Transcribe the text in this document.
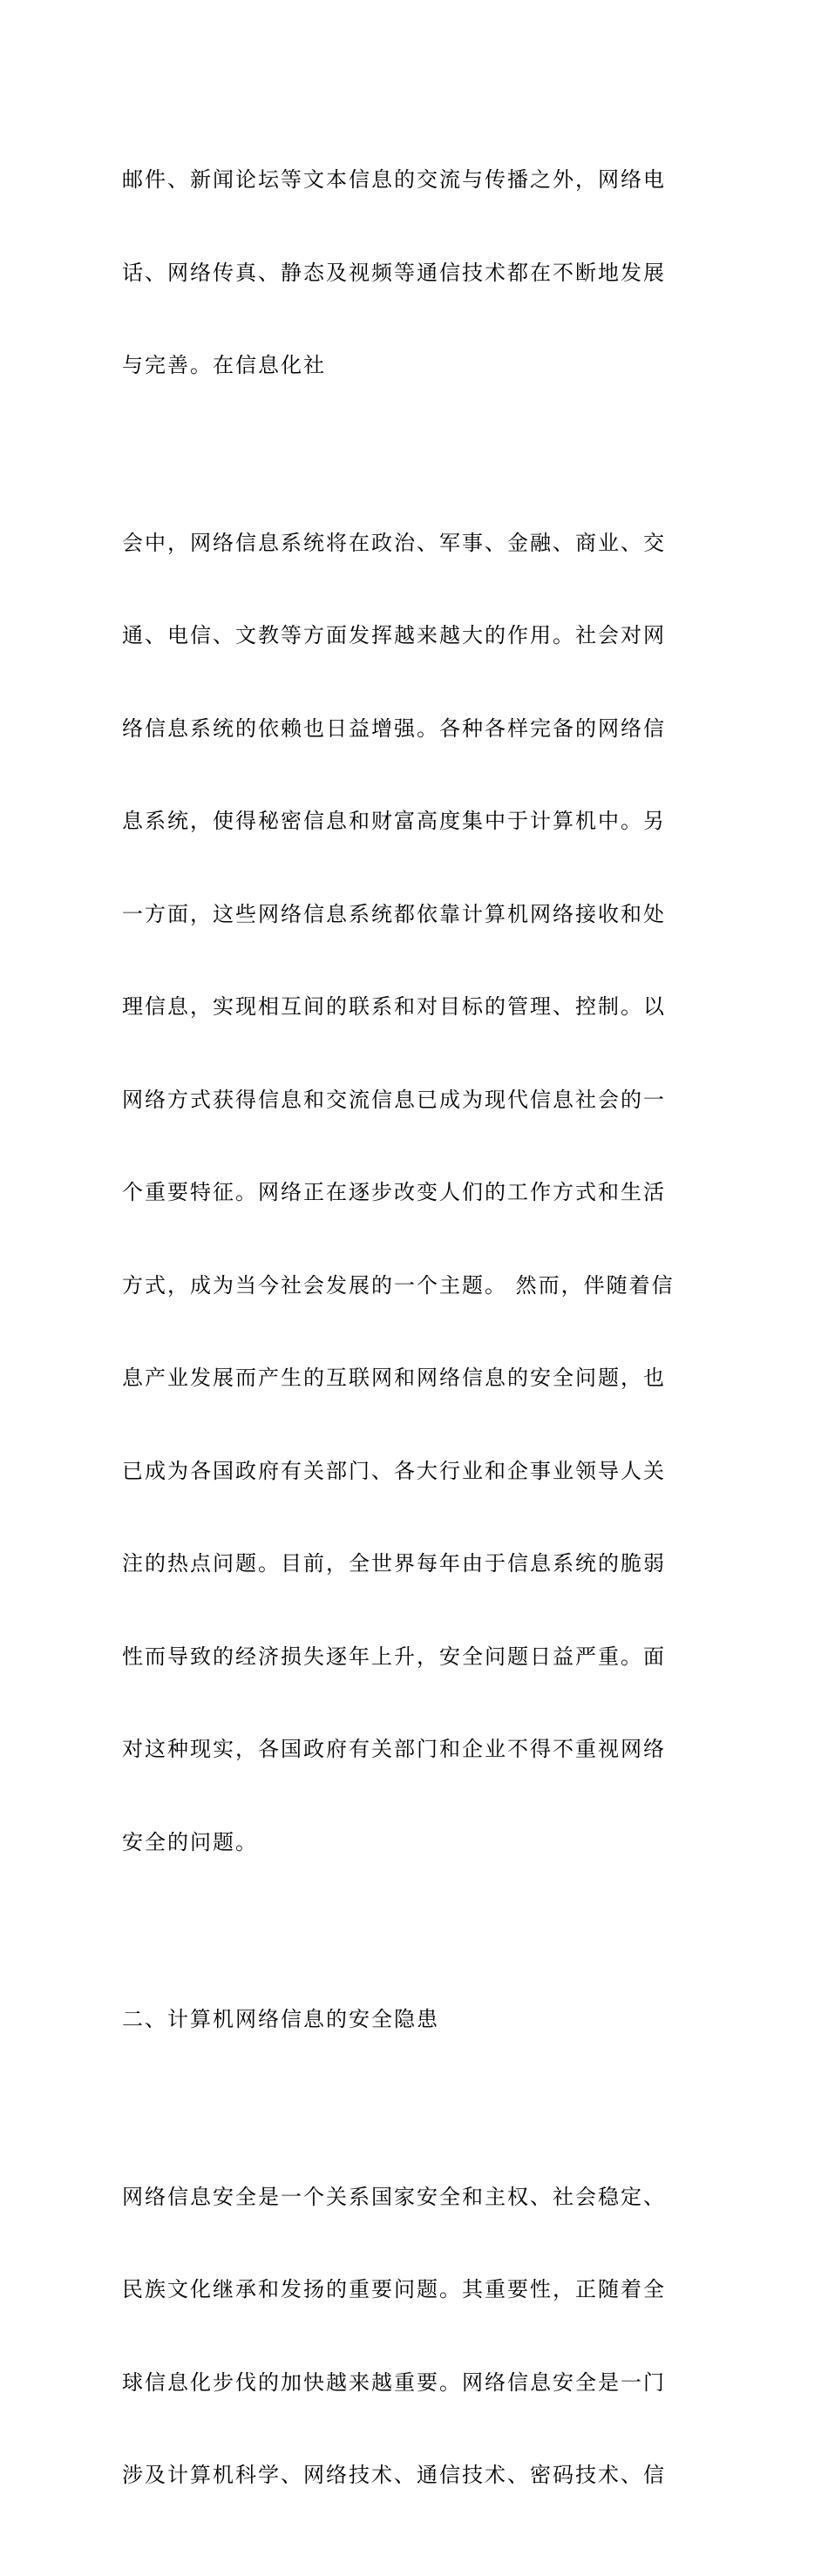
邮件、新闻论坛等文本信息的交流与传播之外，网络电

话、网络传真、静态及视频等通信技术都在不断地发展

与完善。在信息化社

会中，网络信息系统将在政治、军事、金融、商业、交

通、电信、文教等方面发挥越来越大的作用。社会对网

络信息系统的依赖也日益增强。各种各样完备的网络信

息系统，使得秘密信息和财富高度集中于计算机中。另

一方面，这些网络信息系统都依靠计算机网络接收和处

理信息，实现相互间的联系和对目标的管理、控制。以

网络方式获得信息和交流信息已成为现代信息社会的一

个重要特征。网络正在逐步改变人们的工作方式和生活

方式，成为当今社会发展的一个主题。 然而，伴随着信

息产业发展而产生的互联网和网络信息的安全问题，也

已成为各国政府有关部门、各大行业和企事业领导人关

注的热点问题。目前，全世界每年由于信息系统的脆弱

性而导致的经济损失逐年上升，安全问题日益严重。面

对这种现实，各国政府有关部门和企业不得不重视网络

安全的问题。

二、计算机网络信息的安全隐患

网络信息安全是一个关系国家安全和主权、社会稳定、

民族文化继承和发扬的重要问题。其重要性，正随着全

球信息化步伐的加快越来越重要。网络信息安全是一门

涉及计算机科学、网络技术、通信技术、密码技术、信
